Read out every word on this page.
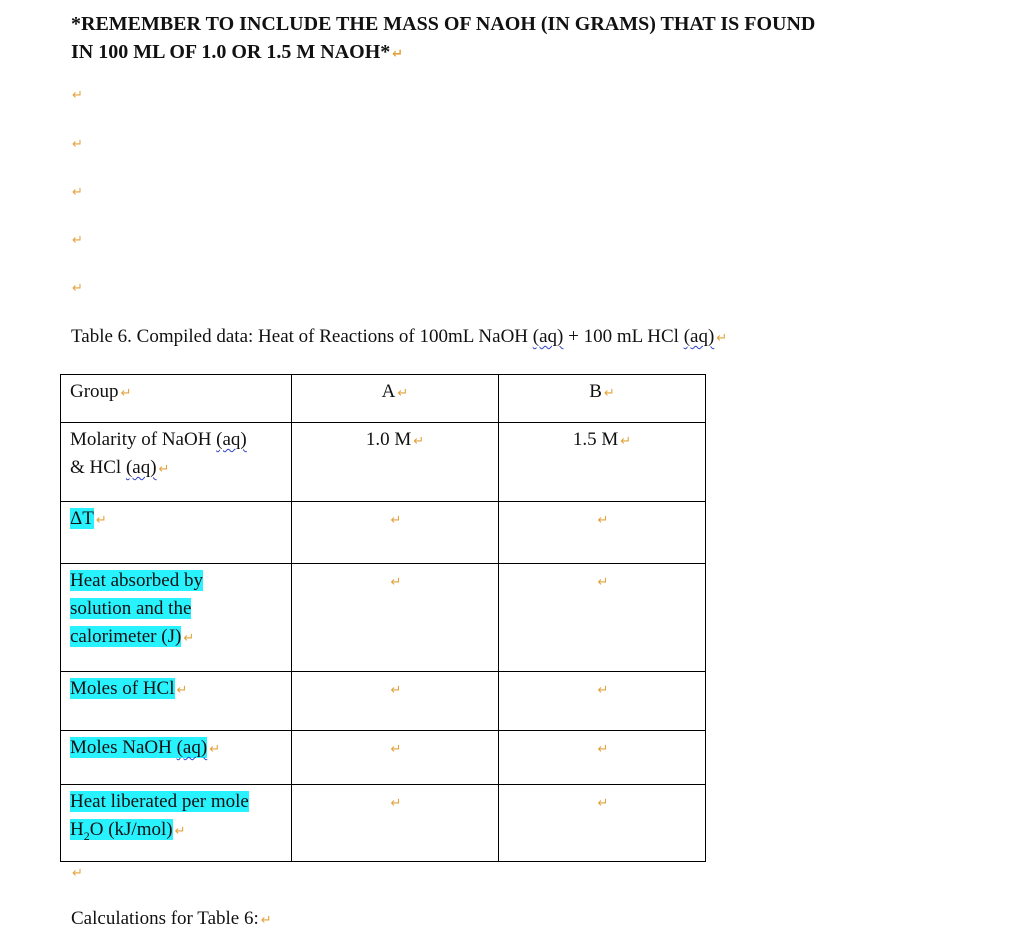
*REMEMBER TO INCLUDE THE MASS OF NAOH (IN GRAMS) THAT IS FOUND
IN 100 ML OF 1.0 OR 1.5 M NAOH* ↵

↵
↵
↵
↵
↵

Table 6. Compiled data: Heat of Reactions of 100mL NaOH (aq) + 100 mL HCl (aq) ↵

Group ↵	A ↵	B ↵
Molarity of NaOH (aq)
& HCl (aq) ↵	1.0 M ↵	1.5 M ↵
ΔT ↵	↵	↵
Heat absorbed by
solution and the
calorimeter (J) ↵	↵	↵
Moles of HCl ↵	↵	↵
Moles NaOH (aq) ↵	↵	↵
Heat liberated per mole
$H_2O$ (kJ/mol) ↵	↵	↵
↵

Calculations for Table 6: ↵
